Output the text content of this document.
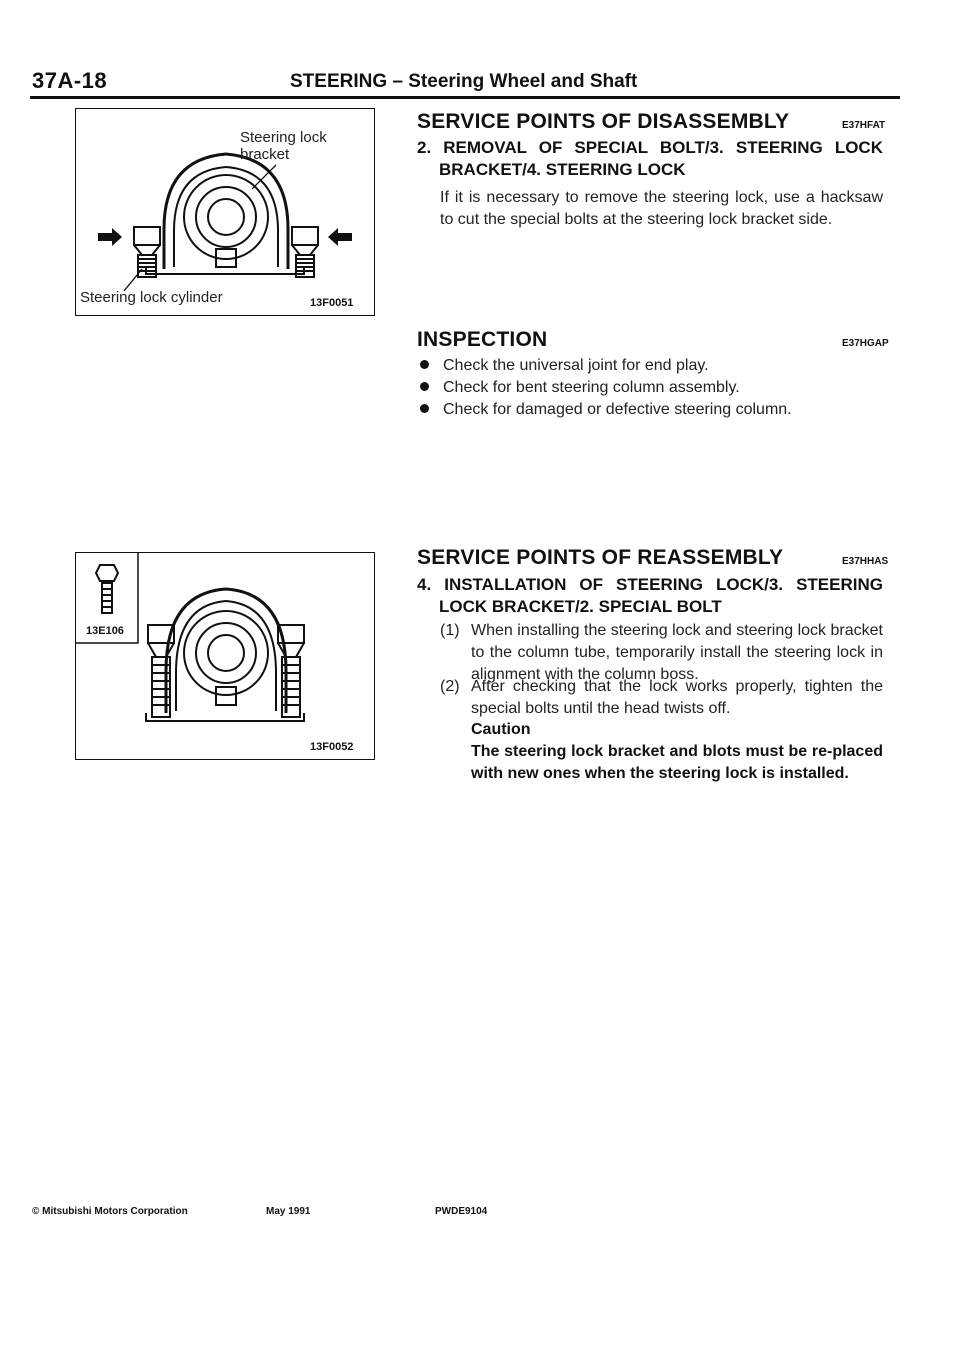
37A-18	STEERING – Steering Wheel and Shaft
Steering lock bracket
Steering lock cylinder	13F0051
13E106
13F0052
SERVICE POINTS OF DISASSEMBLY	E37HFAT
2. REMOVAL OF SPECIAL BOLT/3. STEERING LOCK
BRACKET/4. STEERING LOCK
If it is necessary to remove the steering lock, use a hacksaw to cut the special bolts at the steering lock bracket side.
INSPECTION	E37HGAP
Check the universal joint for end play.
Check for bent steering column assembly.
Check for damaged or defective steering column.
SERVICE POINTS OF REASSEMBLY	E37HHAS
4. INSTALLATION OF STEERING LOCK/3. STEERING
LOCK BRACKET/2. SPECIAL BOLT
(1) When installing the steering lock and steering lock bracket to the column tube, temporarily install the steering lock in alignment with the column boss.
(2) After checking that the lock works properly, tighten the special bolts until the head twists off.
Caution
The steering lock bracket and blots must be re-placed with new ones when the steering lock is installed.
© Mitsubishi Motors Corporation	May 1991	PWDE9104
